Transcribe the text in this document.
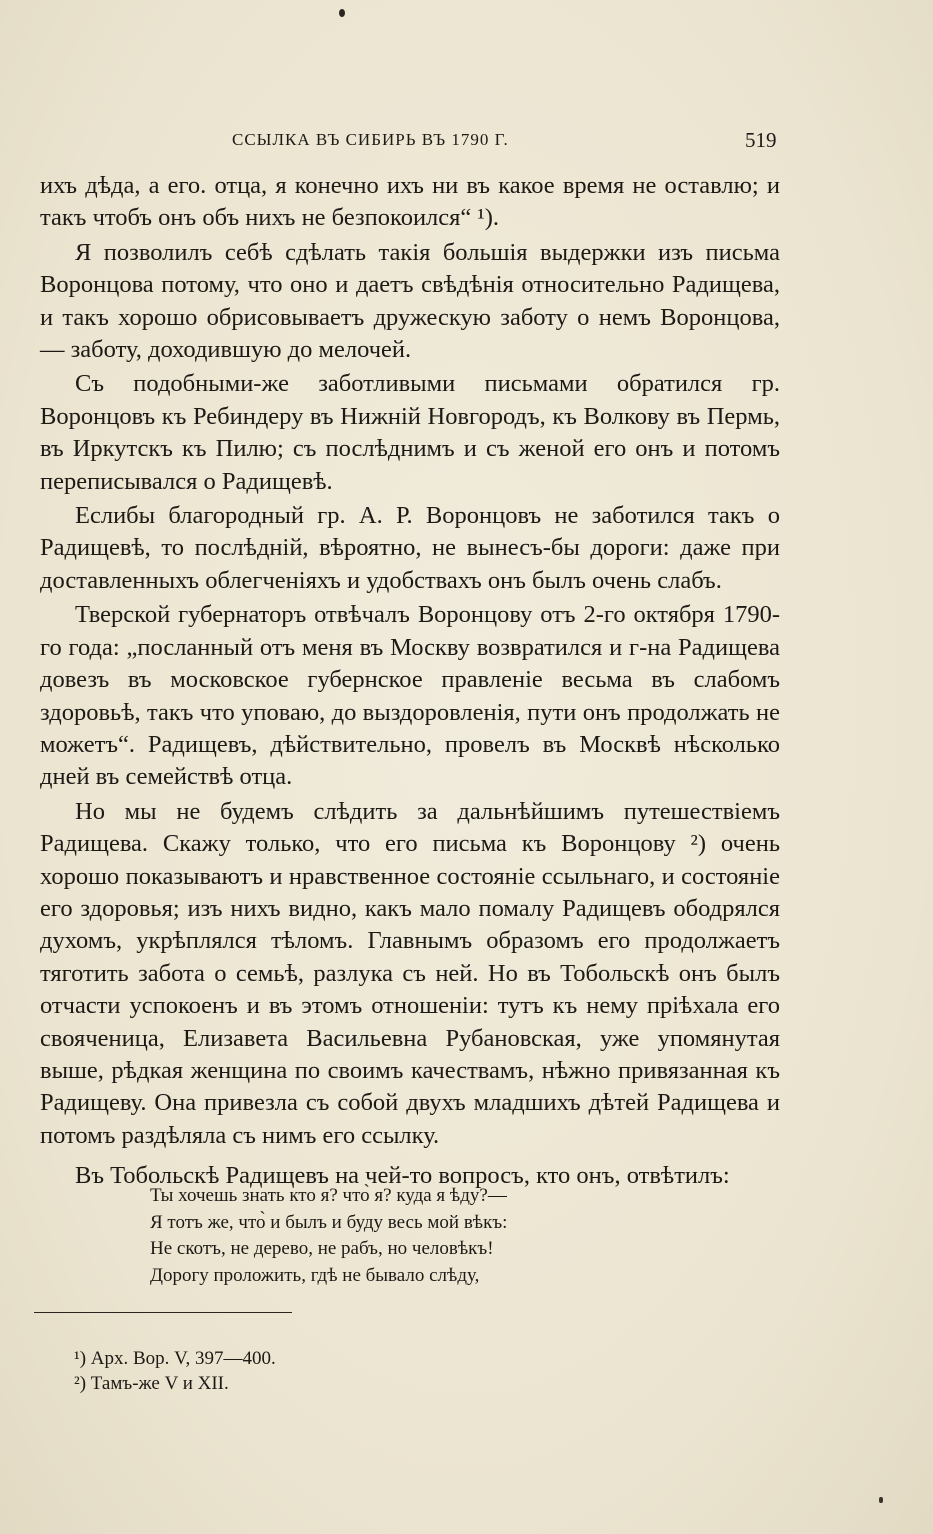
ССЫЛКА ВЪ СИБИРЬ ВЪ 1790 Г.	519

ихъ дѣда, а его. отца, я конечно ихъ ни въ какое время не оставлю; и такъ чтобъ онъ объ нихъ не безпокоился“ ¹).

Я позволилъ себѣ сдѣлать такія большія выдержки изъ письма Воронцова потому, что оно и даетъ свѣдѣнія относительно Радищева, и такъ хорошо обрисовываетъ дружескую заботу о немъ Воронцова, — заботу, доходившую до мелочей.

Съ подобными-же заботливыми письмами обратился гр. Воронцовъ къ Ребиндеру въ Нижній Новгородъ, къ Волкову въ Пермь, въ Иркутскъ къ Пилю; съ послѣднимъ и съ женой его онъ и потомъ переписывался о Радищевѣ.

Еслибы благородный гр. А. Р. Воронцовъ не заботился такъ о Радищевѣ, то послѣдній, вѣроятно, не вынесъ-бы дороги: даже при доставленныхъ облегченіяхъ и удобствахъ онъ былъ очень слабъ.

Тверской губернаторъ отвѣчалъ Воронцову отъ 2-го октября 1790-го года: „посланный отъ меня въ Москву возвратился и г-на Радищева довезъ въ московское губернское правленіе весьма въ слабомъ здоровьѣ, такъ что уповаю, до выздоровленія, пути онъ продолжать не можетъ“. Радищевъ, дѣйствительно, провелъ въ Москвѣ нѣсколько дней въ семействѣ отца.

Но мы не будемъ слѣдить за дальнѣйшимъ путешествіемъ Радищева. Скажу только, что его письма къ Воронцову ²) очень хорошо показываютъ и нравственное состояніе ссыльнаго, и состояніе его здоровья; изъ нихъ видно, какъ мало помалу Радищевъ ободрялся духомъ, укрѣплялся тѣломъ. Главнымъ образомъ его продолжаетъ тяготить забота о семьѣ, разлука съ ней. Но въ Тобольскѣ онъ былъ отчасти успокоенъ и въ этомъ отношеніи: тутъ къ нему пріѣхала его свояченица, Елизавета Васильевна Рубановская, уже упомянутая выше, рѣдкая женщина по своимъ качествамъ, нѣжно привязанная къ Радищеву. Она привезла съ собой двухъ младшихъ дѣтей Радищева и потомъ раздѣляла съ нимъ его ссылку.

Въ Тобольскѣ Радищевъ на чей-то вопросъ, кто онъ, отвѣтилъ:

Ты хочешь знать кто я? что̀ я? куда я ѣду?—
Я тотъ же, что̀ и былъ и буду весь мой вѣкъ:
Не скотъ, не дерево, не рабъ, но человѣкъ!
Дорогу проложить, гдѣ не бывало слѣду,
¹) Арх. Вор. V, 397—400.
²) Тамъ-же V и XII.
